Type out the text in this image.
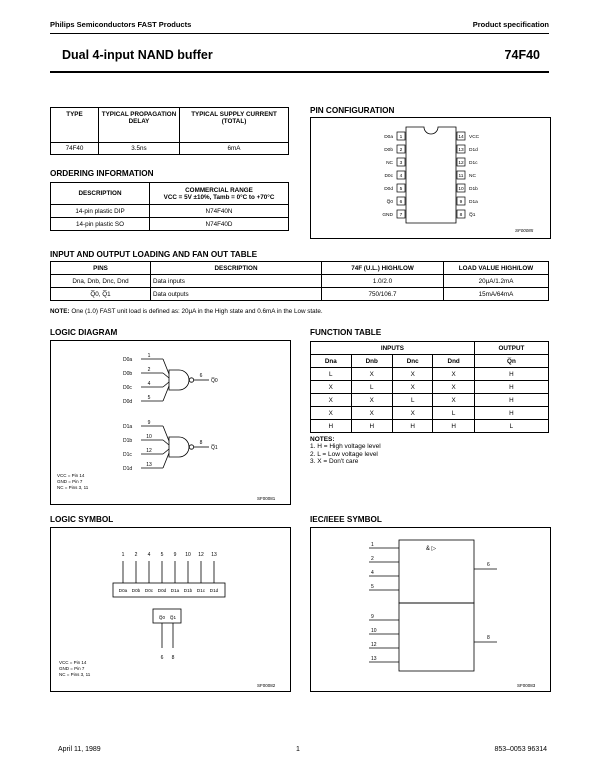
Philips Semiconductors FAST Products	Product specification
Dual 4-input NAND buffer	74F40
TYPE	TYPICAL PROPAGATION DELAY	TYPICAL SUPPLY CURRENT (TOTAL)
74F40	3.5ns	6mA
ORDERING INFORMATION
DESCRIPTION	COMMERCIAL RANGE
VCC = 5V ±10%, Tamb = 0°C to +70°C

14-pin plastic DIP	N74F40N
14-pin plastic SO	N74F40D
PIN CONFIGURATION
1
D0a
2
D0b
3
NC
4
D0c
5
D0d
6
Q̅0
7
GND
14 VCC
13 D1d
12 D1c
11 NC
10 D1b
9 D1a
8 Q̅1
SF00085
INPUT AND OUTPUT LOADING AND FAN OUT TABLE
PINS	DESCRIPTION	74F (U.L.) HIGH/LOW	LOAD VALUE HIGH/LOW
Dna, Dnb, Dnc, Dnd	Data inputs	1.0/2.0	20µA/1.2mA
Q̅0, Q̅1	Data outputs	750/106.7	15mA/64mA
NOTE: One (1.0) FAST unit load is defined as: 20µA in the High state and 0.6mA in the Low state.
LOGIC DIAGRAM
D0a
1
D0b
2
D0c
4
D0d
5
6
Q̅0
D1a
9
D1b
10
D1c
12
D1d
13
8
Q̅1
VCC = Pin 14
GND = Pin 7
NC = Pins 3, 11
SF00081
FUNCTION TABLE
INPUTS				OUTPUT
Dna	Dnb	Dnc	Dnd	Q̅n
L	X	X	X	H
X	L	X	X	H
X	X	L	X	H
X	X	X	L	H
H	H	H	H	L
NOTES:
1. H = High voltage level
2. L = Low voltage level
3. X = Don't care
LOGIC SYMBOL
1
D0a
2
D0b
4
D0c
5
D0d
9
D1a
10
D1b
12
D1c
13
D1d
Q̅0
6
Q̅1
8
VCC = Pin 14
GND = Pin 7
NC = Pins 3, 11
SF00082
IEC/IEEE SYMBOL
& ▷
1
2
4
5
9
10
12
13
6
8
SF00083
April 11, 1989	1	853–0053 96314
